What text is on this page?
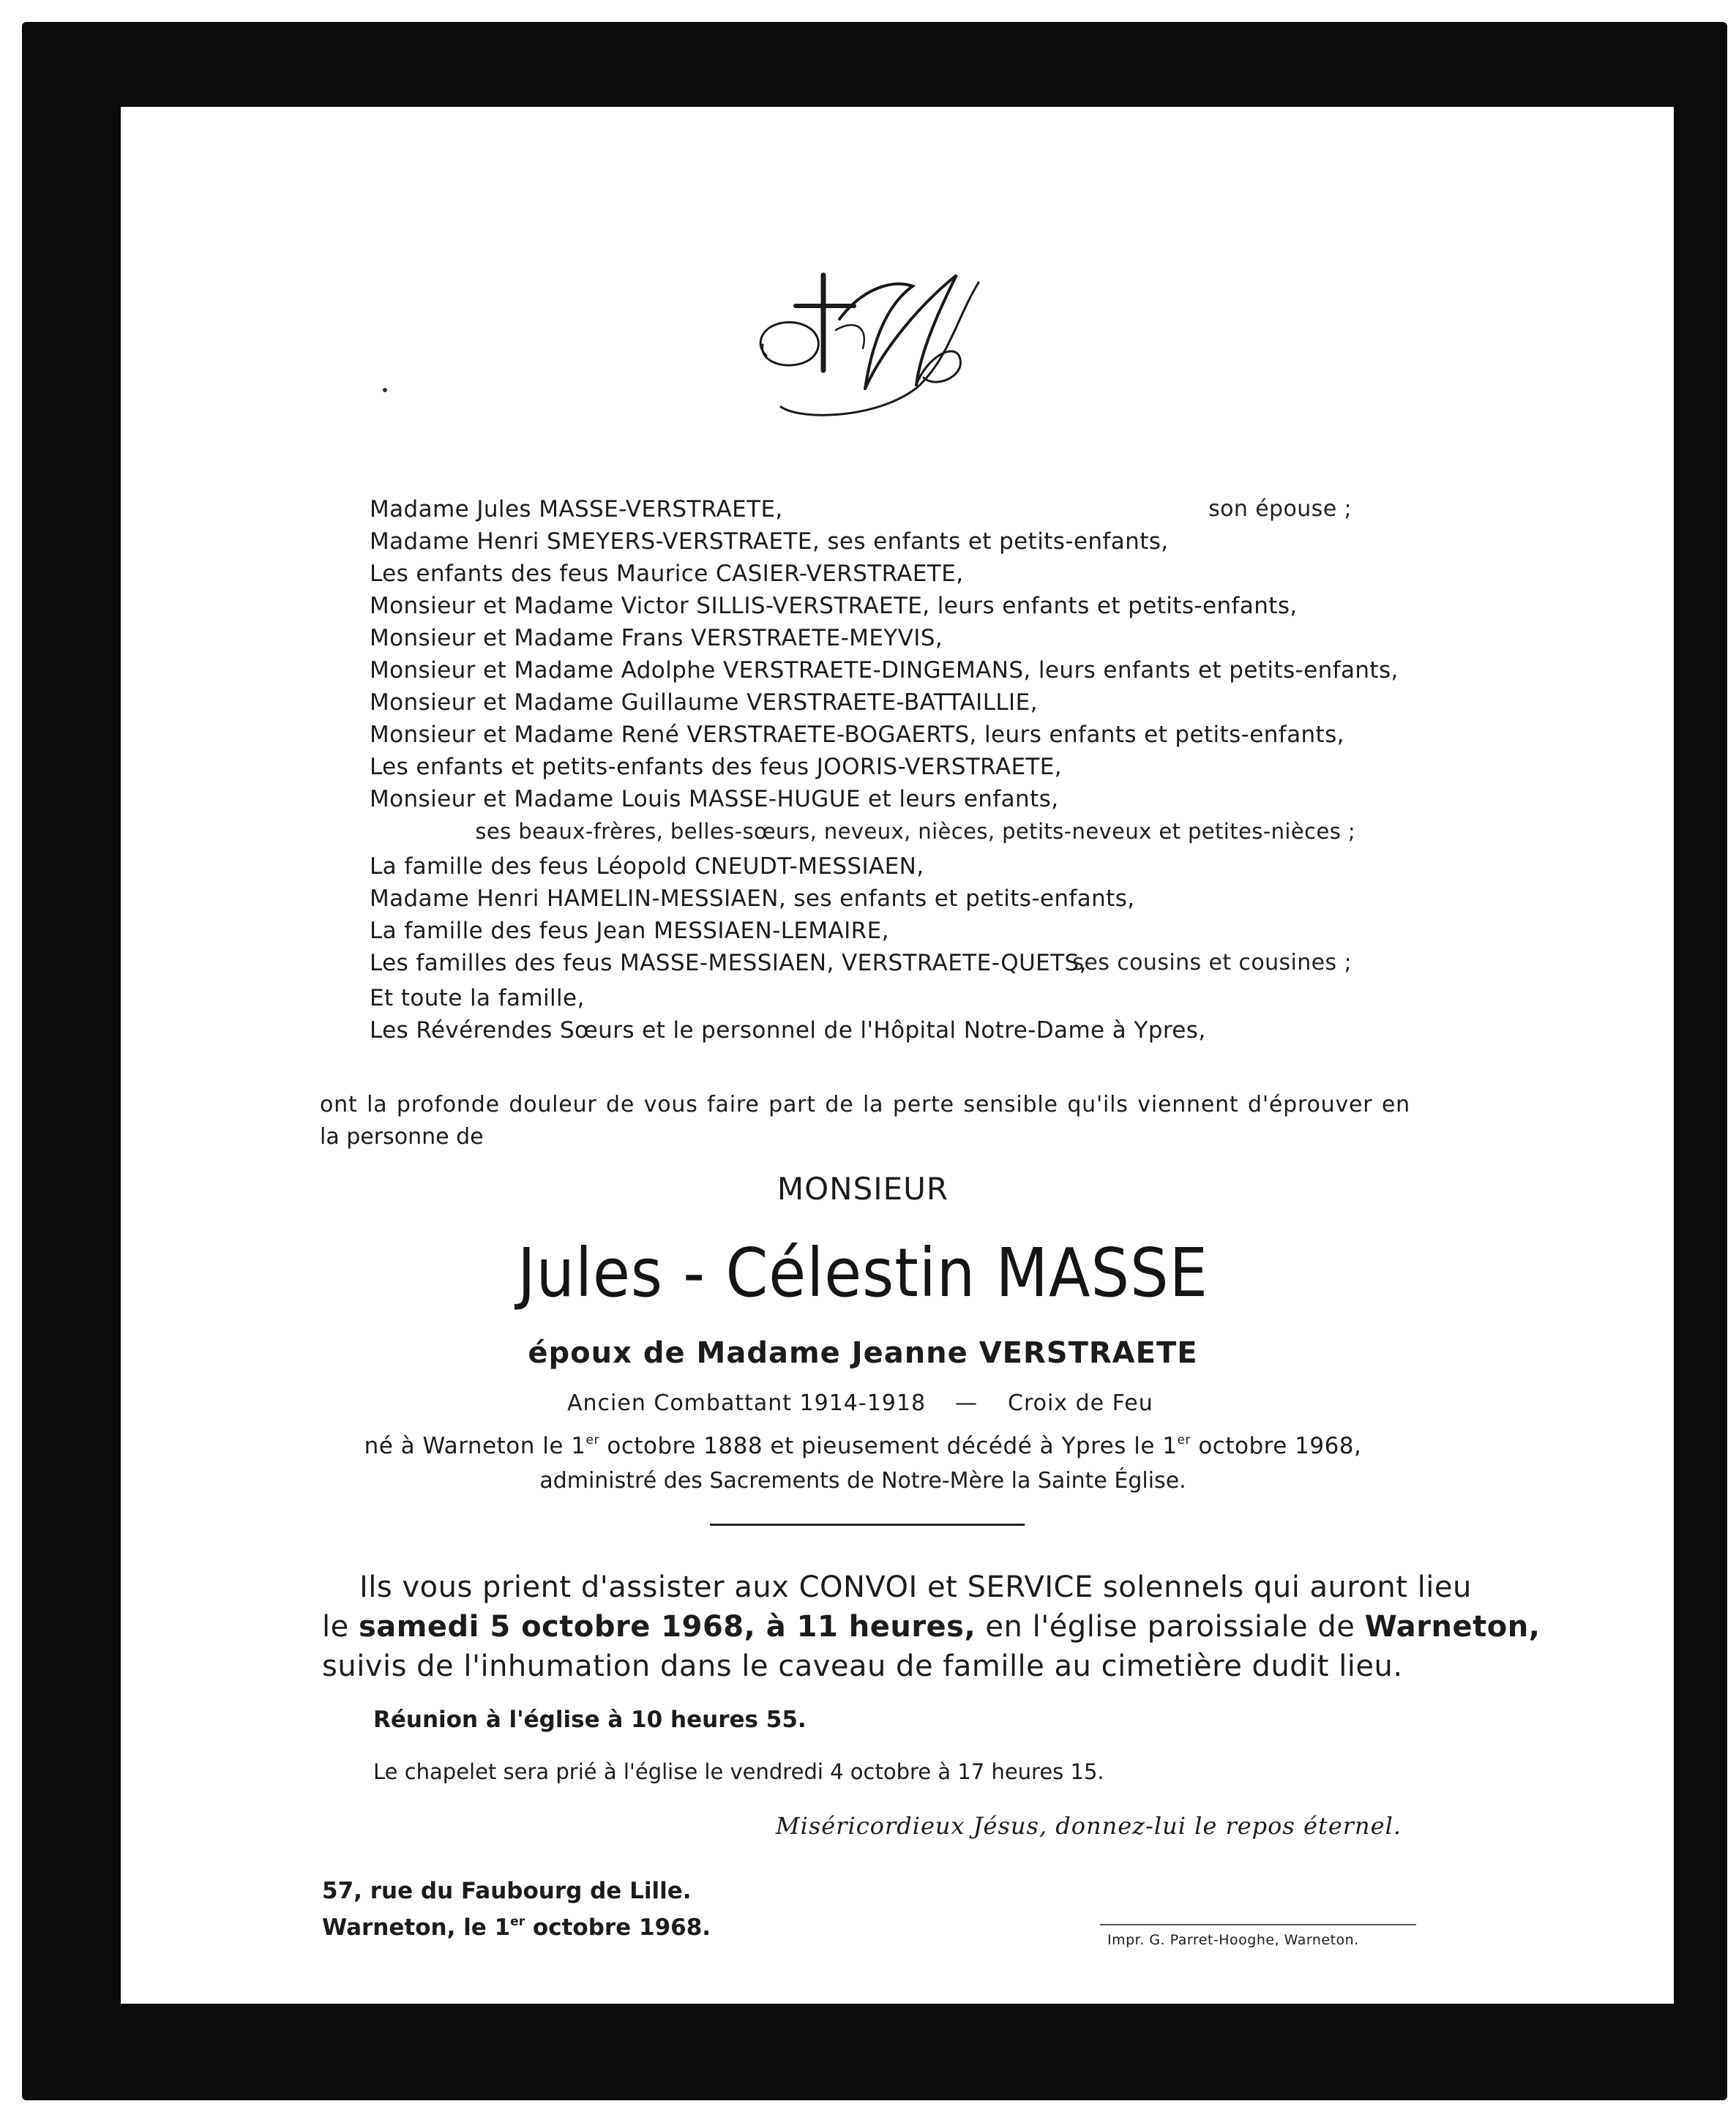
Madame Jules MASSE-VERSTRAETE,	son épouse ;
Madame Henri SMEYERS-VERSTRAETE, ses enfants et petits-enfants,
Les enfants des feus Maurice CASIER-VERSTRAETE,
Monsieur et Madame Victor SILLIS-VERSTRAETE, leurs enfants et petits-enfants,
Monsieur et Madame Frans VERSTRAETE-MEYVIS,
Monsieur et Madame Adolphe VERSTRAETE-DINGEMANS, leurs enfants et petits-enfants,
Monsieur et Madame Guillaume VERSTRAETE-BATTAILLIE,
Monsieur et Madame René VERSTRAETE-BOGAERTS, leurs enfants et petits-enfants,
Les enfants et petits-enfants des feus JOORIS-VERSTRAETE,
Monsieur et Madame Louis MASSE-HUGUE et leurs enfants,
ses beaux-frères, belles-sœurs, neveux, nièces, petits-neveux et petites-nièces ;
La famille des feus Léopold CNEUDT-MESSIAEN,
Madame Henri HAMELIN-MESSIAEN, ses enfants et petits-enfants,
La famille des feus Jean MESSIAEN-LEMAIRE,
Les familles des feus MASSE-MESSIAEN, VERSTRAETE-QUETS,
ses cousins et cousines ;
Et toute la famille,
Les Révérendes Sœurs et le personnel de l'Hôpital Notre-Dame à Ypres,
ont la profonde douleur de vous faire part de la perte sensible qu'ils viennent d'éprouver en
la personne de
MONSIEUR
Jules - Célestin MASSE
époux de Madame Jeanne VERSTRAETE
Ancien Combattant 1914-1918 — Croix de Feu
né à Warneton le 1er octobre 1888 et pieusement décédé à Ypres le 1er octobre 1968,
administré des Sacrements de Notre-Mère la Sainte Église.
Ils vous prient d'assister aux CONVOI et SERVICE solennels qui auront lieu
le samedi 5 octobre 1968, à 11 heures, en l'église paroissiale de Warneton,
suivis de l'inhumation dans le caveau de famille au cimetière dudit lieu.
Réunion à l'église à 10 heures 55.
Le chapelet sera prié à l'église le vendredi 4 octobre à 17 heures 15.
Miséricordieux Jésus, donnez-lui le repos éternel.
57, rue du Faubourg de Lille.
Warneton, le 1er octobre 1968.	Impr. G. Parret-Hooghe, Warneton.
